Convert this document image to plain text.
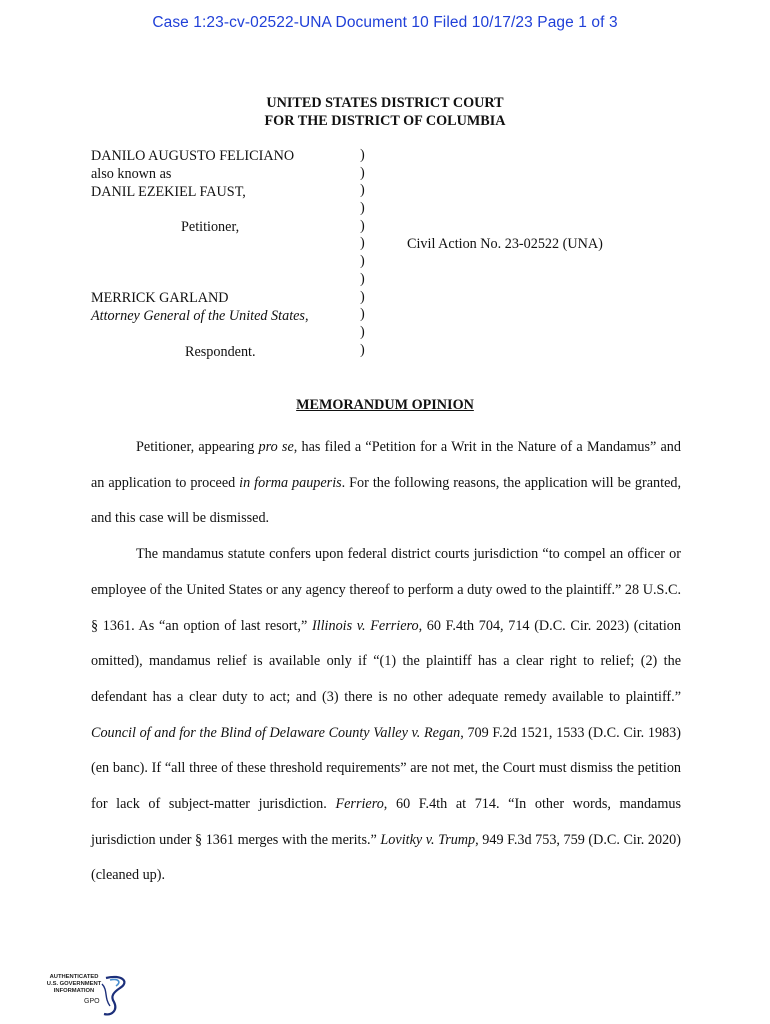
Case 1:23-cv-02522-UNA Document 10 Filed 10/17/23 Page 1 of 3
UNITED STATES DISTRICT COURT
FOR THE DISTRICT OF COLUMBIA
DANILO AUGUSTO FELICIANO
also known as
DANIL EZEKIEL FAUST,
Petitioner,
MERRICK GARLAND
Attorney General of the United States,
Respondent.
)
)
)
)
)
)
)
)
)
)
)
)
Civil Action No. 23-02522 (UNA)
MEMORANDUM OPINION

Petitioner, appearing pro se, has filed a “Petition for a Writ in the Nature of a Mandamus” and an application to proceed in forma pauperis. For the following reasons, the application will be granted, and this case will be dismissed.

The mandamus statute confers upon federal district courts jurisdiction “to compel an officer or employee of the United States or any agency thereof to perform a duty owed to the plaintiff.” 28 U.S.C. § 1361. As “an option of last resort,” Illinois v. Ferriero, 60 F.4th 704, 714 (D.C. Cir. 2023) (citation omitted), mandamus relief is available only if “(1) the plaintiff has a clear right to relief; (2) the defendant has a clear duty to act; and (3) there is no other adequate remedy available to plaintiff.” Council of and for the Blind of Delaware County Valley v. Regan, 709 F.2d 1521, 1533 (D.C. Cir. 1983) (en banc). If “all three of these threshold requirements” are not met, the Court must dismiss the petition for lack of subject-matter jurisdiction. Ferriero, 60 F.4th at 714. “In other words, mandamus jurisdiction under § 1361 merges with the merits.” Lovitky v. Trump, 949 F.3d 753, 759 (D.C. Cir. 2020) (cleaned up).

AUTHENTICATED
U.S. GOVERNMENT
INFORMATION
GPO
